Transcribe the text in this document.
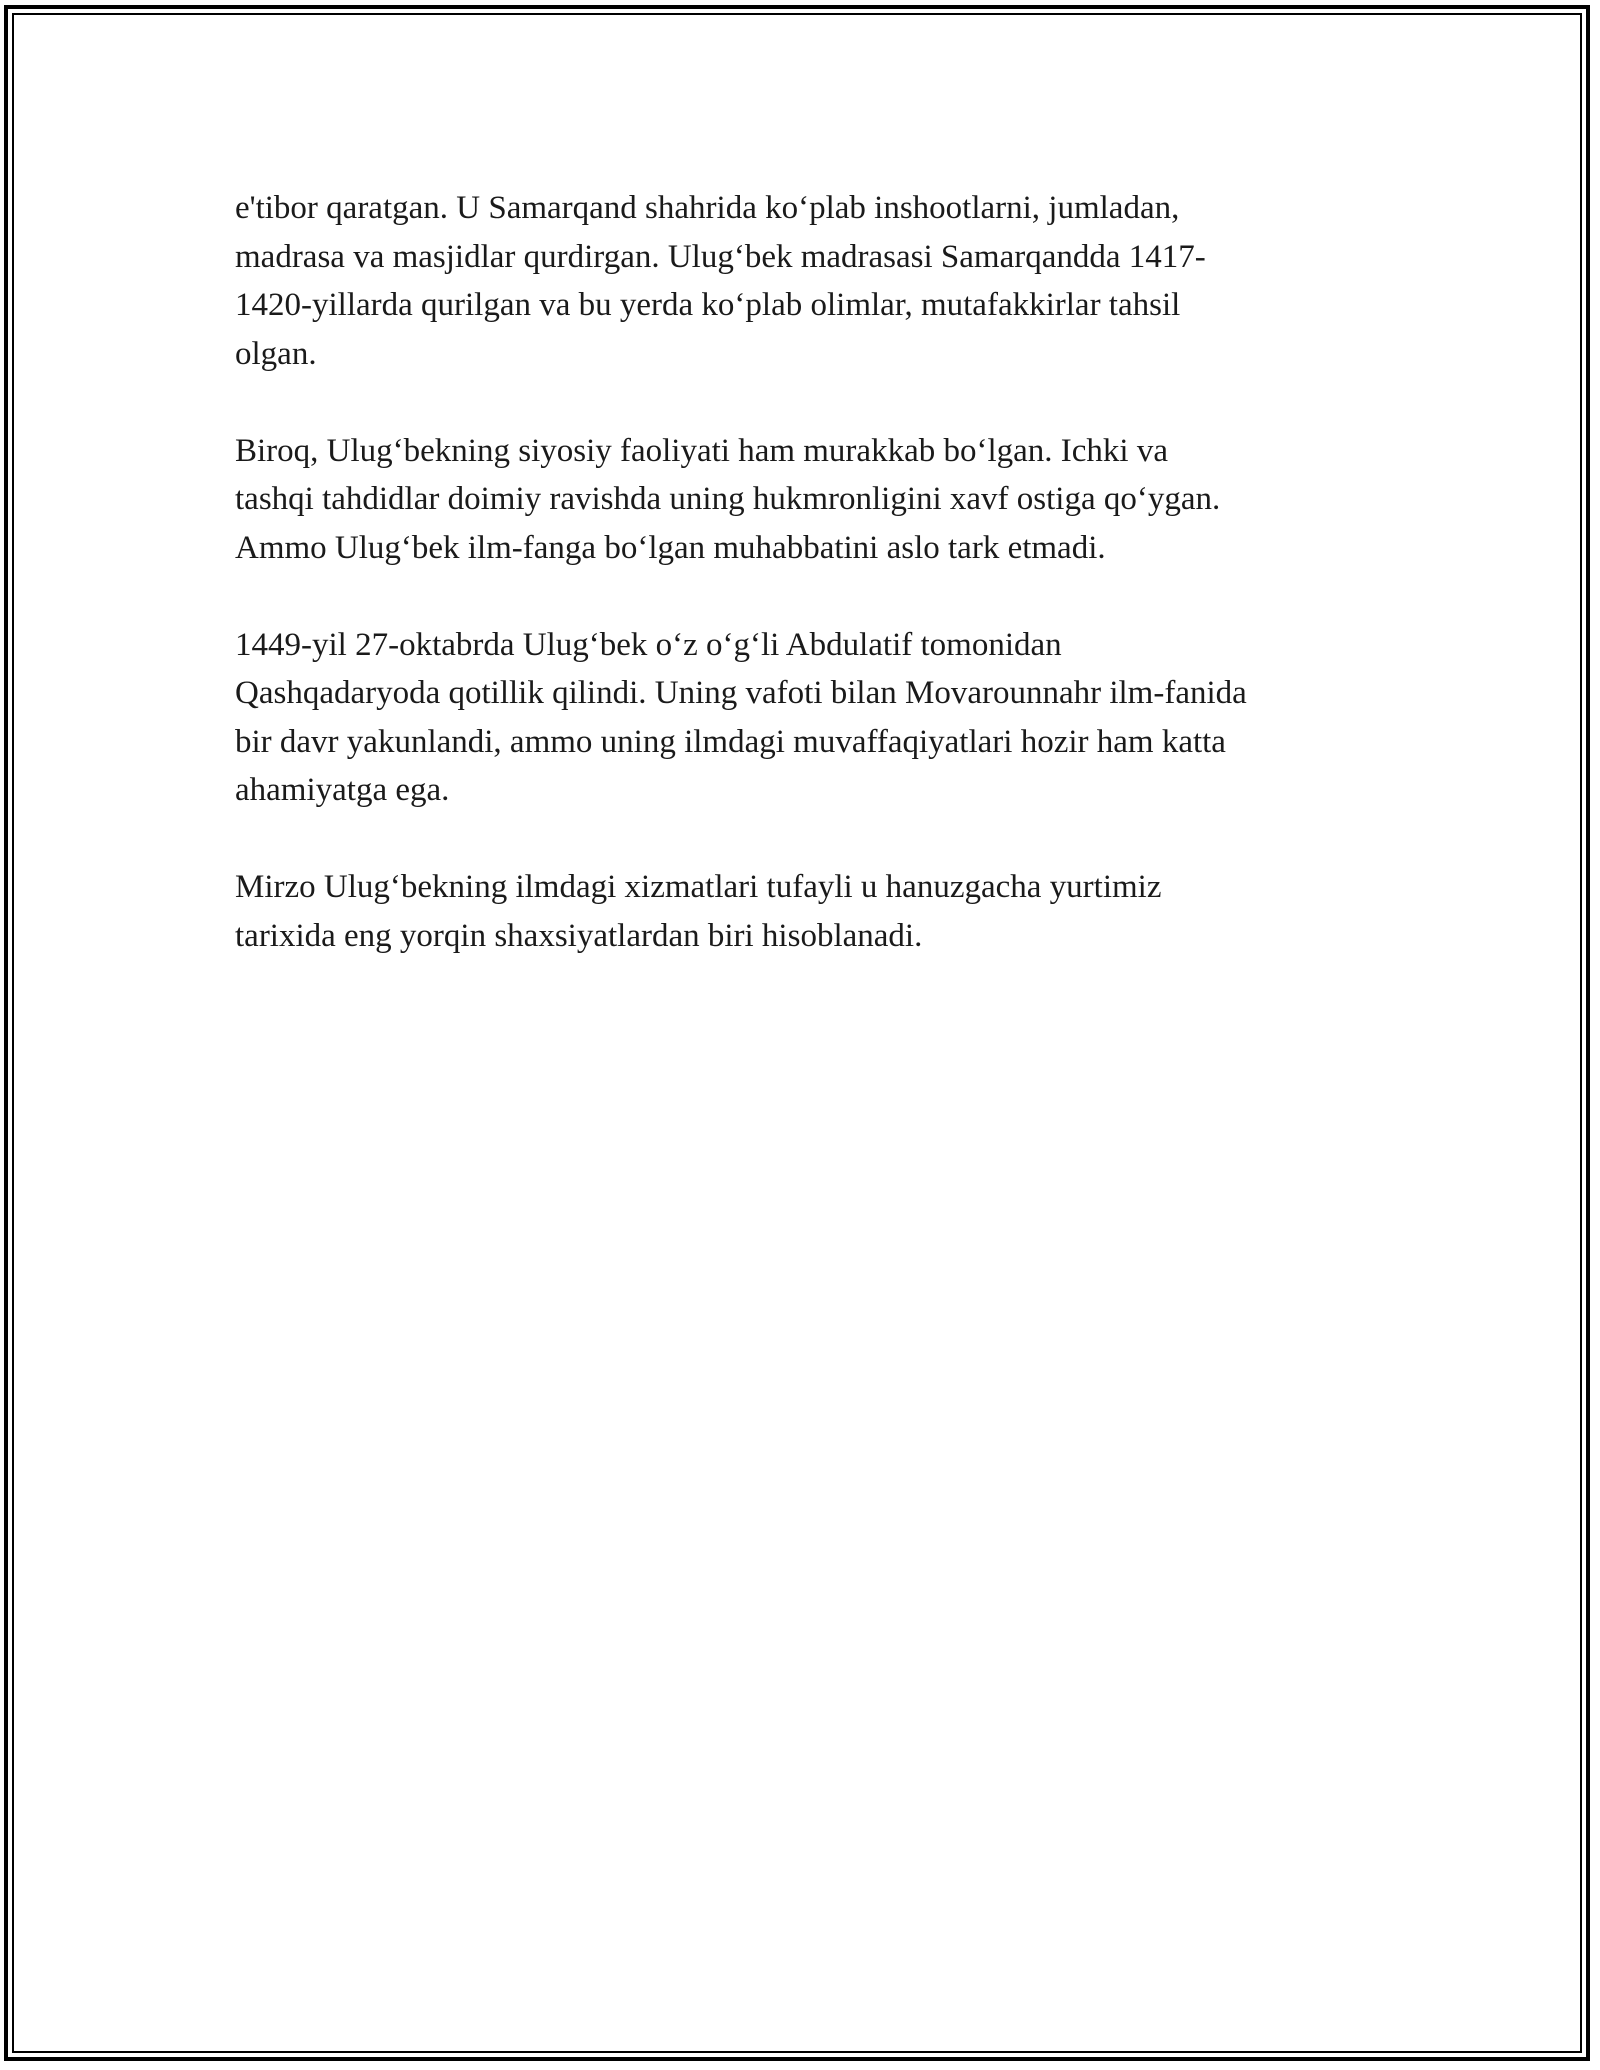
e'tibor qaratgan. U Samarqand shahrida ko‘plab inshootlarni, jumladan,
madrasa va masjidlar qurdirgan. Ulug‘bek madrasasi Samarqandda 1417-
1420-yillarda qurilgan va bu yerda ko‘plab olimlar, mutafakkirlar tahsil
olgan.

Biroq, Ulug‘bekning siyosiy faoliyati ham murakkab bo‘lgan. Ichki va
tashqi tahdidlar doimiy ravishda uning hukmronligini xavf ostiga qo‘ygan.
Ammo Ulug‘bek ilm-fanga bo‘lgan muhabbatini aslo tark etmadi.

1449-yil 27-oktabrda Ulug‘bek o‘z o‘g‘li Abdulatif tomonidan
Qashqadaryoda qotillik qilindi. Uning vafoti bilan Movarounnahr ilm-fanida
bir davr yakunlandi, ammo uning ilmdagi muvaffaqiyatlari hozir ham katta
ahamiyatga ega.

Mirzo Ulug‘bekning ilmdagi xizmatlari tufayli u hanuzgacha yurtimiz
tarixida eng yorqin shaxsiyatlardan biri hisoblanadi.
